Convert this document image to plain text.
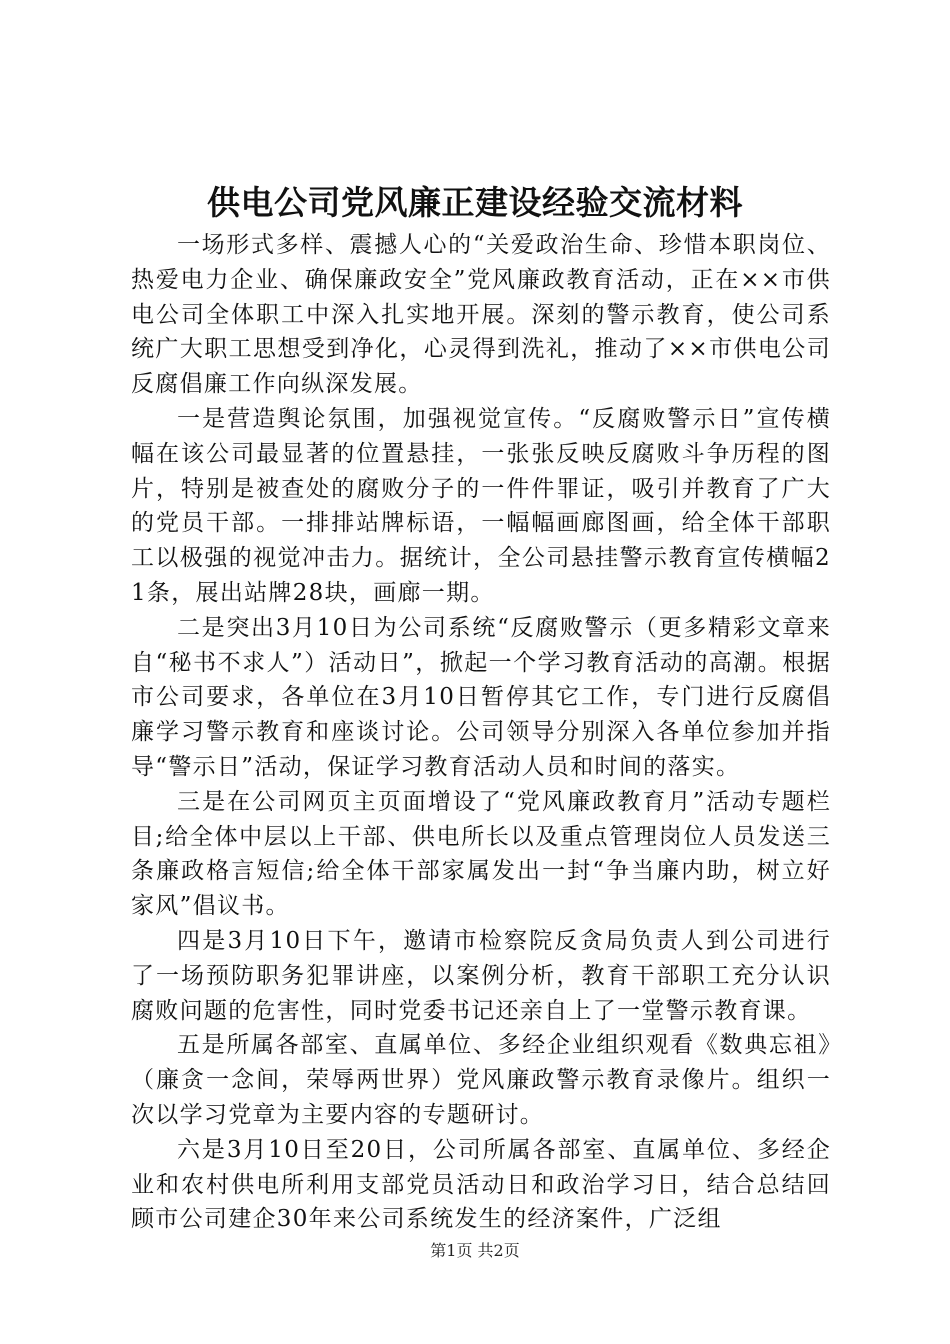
供电公司党风廉正建设经验交流材料

一场形式多样、震撼人心的“关爱政治生命、珍惜本职岗位、热爱电力企业、确保廉政安全”党风廉政教育活动，正在××市供电公司全体职工中深入扎实地开展。深刻的警示教育，使公司系统广大职工思想受到净化，心灵得到洗礼，推动了××市供电公司反腐倡廉工作向纵深发展。

一是营造舆论氛围，加强视觉宣传。“反腐败警示日”宣传横幅在该公司最显著的位置悬挂，一张张反映反腐败斗争历程的图片，特别是被查处的腐败分子的一件件罪证，吸引并教育了广大的党员干部。一排排站牌标语，一幅幅画廊图画，给全体干部职工以极强的视觉冲击力。据统计，全公司悬挂警示教育宣传横幅21条，展出站牌28块，画廊一期。

二是突出3月10日为公司系统“反腐败警示（更多精彩文章来自“秘书不求人”）活动日”，掀起一个学习教育活动的高潮。根据市公司要求，各单位在3月10日暂停其它工作，专门进行反腐倡廉学习警示教育和座谈讨论。公司领导分别深入各单位参加并指导“警示日”活动，保证学习教育活动人员和时间的落实。

三是在公司网页主页面增设了“党风廉政教育月”活动专题栏目;给全体中层以上干部、供电所长以及重点管理岗位人员发送三条廉政格言短信;给全体干部家属发出一封“争当廉内助，树立好家风”倡议书。

四是3月10日下午，邀请市检察院反贪局负责人到公司进行了一场预防职务犯罪讲座，以案例分析，教育干部职工充分认识腐败问题的危害性，同时党委书记还亲自上了一堂警示教育课。

五是所属各部室、直属单位、多经企业组织观看《数典忘祖》（廉贪一念间，荣辱两世界）党风廉政警示教育录像片。组织一次以学习党章为主要内容的专题研讨。

六是3月10日至20日，公司所属各部室、直属单位、多经企业和农村供电所利用支部党员活动日和政治学习日，结合总结回顾市公司建企30年来公司系统发生的经济案件，广泛组

第1页 共2页
